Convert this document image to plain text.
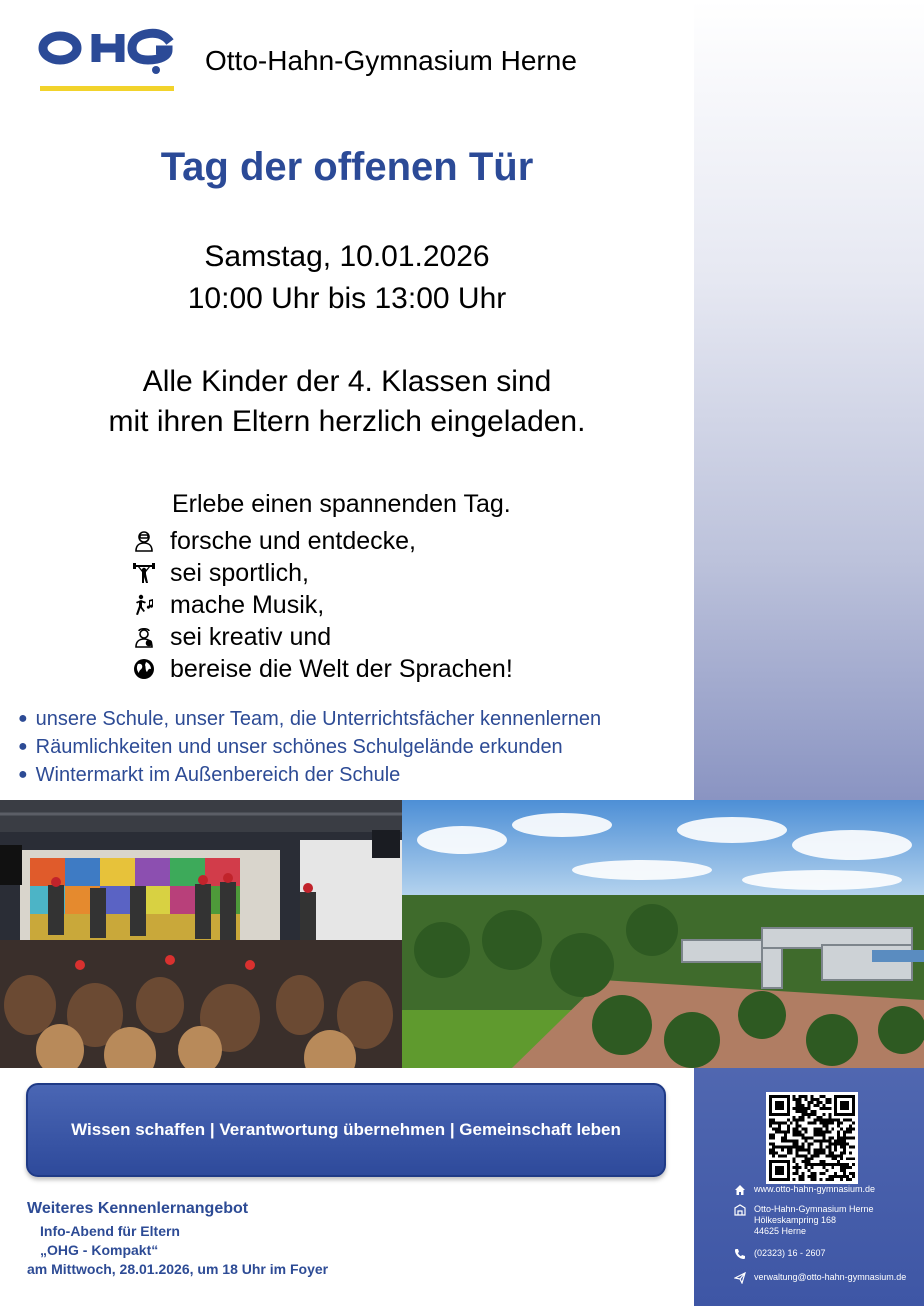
Otto-Hahn-Gymnasium Herne
Tag der offenen Tür
Samstag, 10.01.2026
10:00 Uhr bis 13:00 Uhr
Alle Kinder der 4. Klassen sind
mit ihren Eltern herzlich eingeladen.
Erlebe einen spannenden Tag.
forsche und entdecke,
sei sportlich,
mache Musik,
sei kreativ und
bereise die Welt der Sprachen!
● unsere Schule, unser Team, die Unterrichtsfächer kennenlernen
● Räumlichkeiten und unser schönes Schulgelände erkunden
● Wintermarkt im Außenbereich der Schule
Wissen schaffen | Verantwortung übernehmen | Gemeinschaft leben
Weiteres Kennenlernangebot
Info-Abend für Eltern
„OHG - Kompakt“
am Mittwoch, 28.01.2026, um 18 Uhr im Foyer
www.otto-hahn-gymnasium.de
Otto-Hahn-Gymnasium Herne
Hölkeskampring 168
44625 Herne
(02323) 16 - 2607
verwaltung@otto-hahn-gymnasium.de
